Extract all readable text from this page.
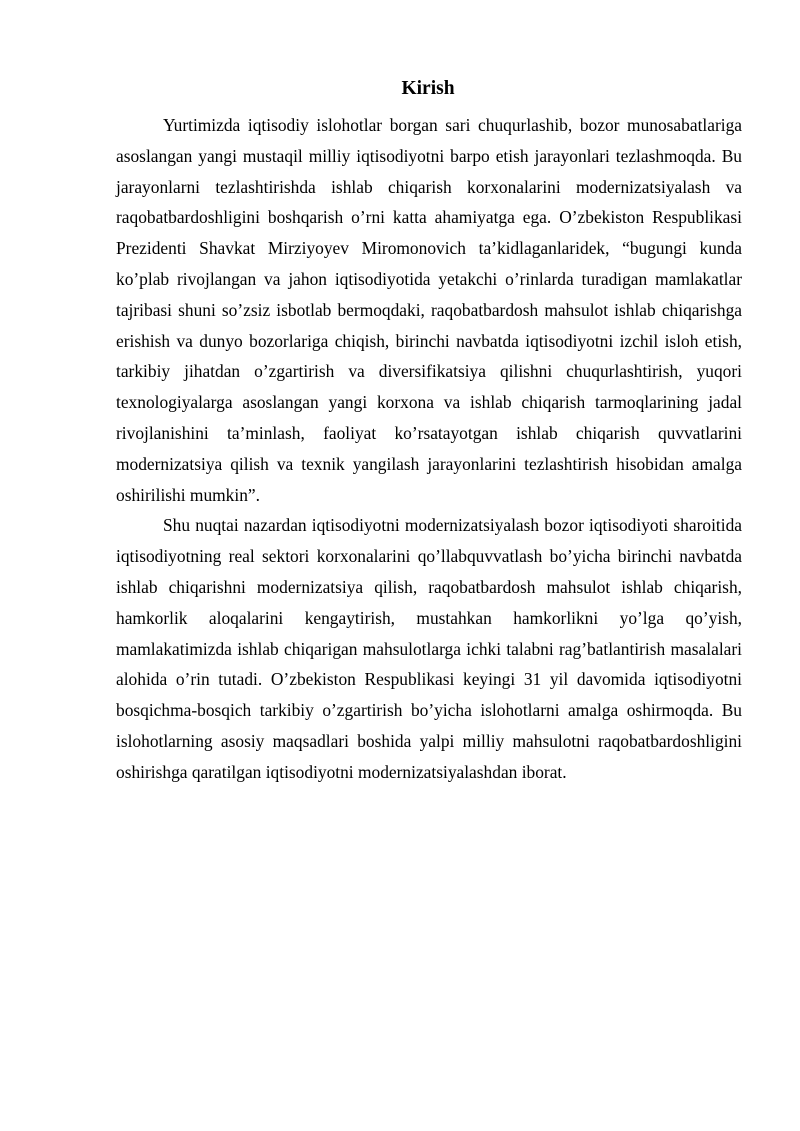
Kirish

Yurtimizda iqtisodiy islohotlar borgan sari chuqurlashib, bozor munosabatlariga asoslangan yangi mustaqil milliy iqtisodiyotni barpo etish jarayonlari tezlashmoqda. Bu jarayonlarni tezlashtirishda ishlab chiqarish korxonalarini modernizatsiyalash va raqobatbardoshligini boshqarish o’rni katta ahamiyatga ega. O’zbekiston Respublikasi Prezidenti Shavkat Mirziyoyev Miromonovich ta’kidlaganlaridek, “bugungi kunda ko’plab rivojlangan va jahon iqtisodiyotida yetakchi o’rinlarda turadigan mamlakatlar tajribasi shuni so’zsiz isbotlab bermoqdaki, raqobatbardosh mahsulot ishlab chiqarishga erishish va dunyo bozorlariga chiqish, birinchi navbatda iqtisodiyotni izchil isloh etish, tarkibiy jihatdan o’zgartirish va diversifikatsiya qilishni chuqurlashtirish, yuqori texnologiyalarga asoslangan yangi korxona va ishlab chiqarish tarmoqlarining jadal rivojlanishini ta’minlash, faoliyat ko’rsatayotgan ishlab chiqarish quvvatlarini modernizatsiya qilish va texnik yangilash jarayonlarini tezlashtirish hisobidan amalga oshirilishi mumkin”.

Shu nuqtai nazardan iqtisodiyotni modernizatsiyalash bozor iqtisodiyoti sharoitida iqtisodiyotning real sektori korxonalarini qo’llabquvvatlash bo’yicha birinchi navbatda ishlab chiqarishni modernizatsiya qilish, raqobatbardosh mahsulot ishlab chiqarish, hamkorlik aloqalarini kengaytirish, mustahkan hamkorlikni yo’lga qo’yish, mamlakatimizda ishlab chiqarigan mahsulotlarga ichki talabni rag’batlantirish masalalari alohida o’rin tutadi. O’zbekiston Respublikasi keyingi 31 yil davomida iqtisodiyotni bosqichma-bosqich tarkibiy o’zgartirish bo’yicha islohotlarni amalga oshirmoqda. Bu islohotlarning asosiy maqsadlari boshida yalpi milliy mahsulotni raqobatbardoshligini oshirishga qaratilgan iqtisodiyotni modernizatsiyalashdan iborat.
